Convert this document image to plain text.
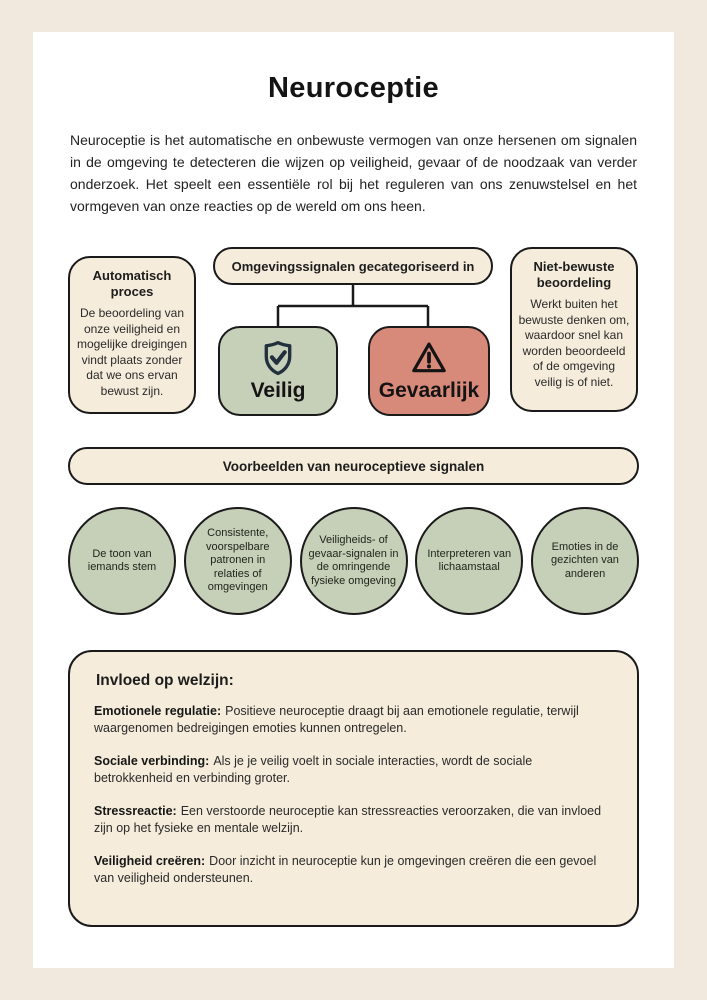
Neuroceptie

Neuroceptie is het automatische en onbewuste vermogen van onze hersenen om signalen in de omgeving te detecteren die wijzen op veiligheid, gevaar of de noodzaak van verder onderzoek. Het speelt een essentiële rol bij het reguleren van ons zenuwstelsel en het vormgeven van onze reacties op de wereld om ons heen.

Automatisch proces

De beoordeling van onze veiligheid en mogelijke dreigingen vindt plaats zonder dat we ons ervan bewust zijn.

Omgevingssignalen gecategoriseerd in
Veilig	Gevaarlijk

Niet-bewuste beoordeling

Werkt buiten het bewuste denken om, waardoor snel kan worden beoordeeld of de omgeving veilig is of niet.

Voorbeelden van neuroceptieve signalen
De toon van iemands stem
Consistente, voorspelbare patronen in relaties of omgevingen
Veiligheids- of gevaar-signalen in de omringende fysieke omgeving
Interpreteren van lichaamstaal
Emoties in de gezichten van anderen
Invloed op welzijn:

Emotionele regulatie: Positieve neuroceptie draagt bij aan emotionele regulatie, terwijl waargenomen bedreigingen emoties kunnen ontregelen.

Sociale verbinding: Als je je veilig voelt in sociale interacties, wordt de sociale betrokkenheid en verbinding groter.

Stressreactie: Een verstoorde neuroceptie kan stressreacties veroorzaken, die van invloed zijn op het fysieke en mentale welzijn.

Veiligheid creëren: Door inzicht in neuroceptie kun je omgevingen creëren die een gevoel van veiligheid ondersteunen.
